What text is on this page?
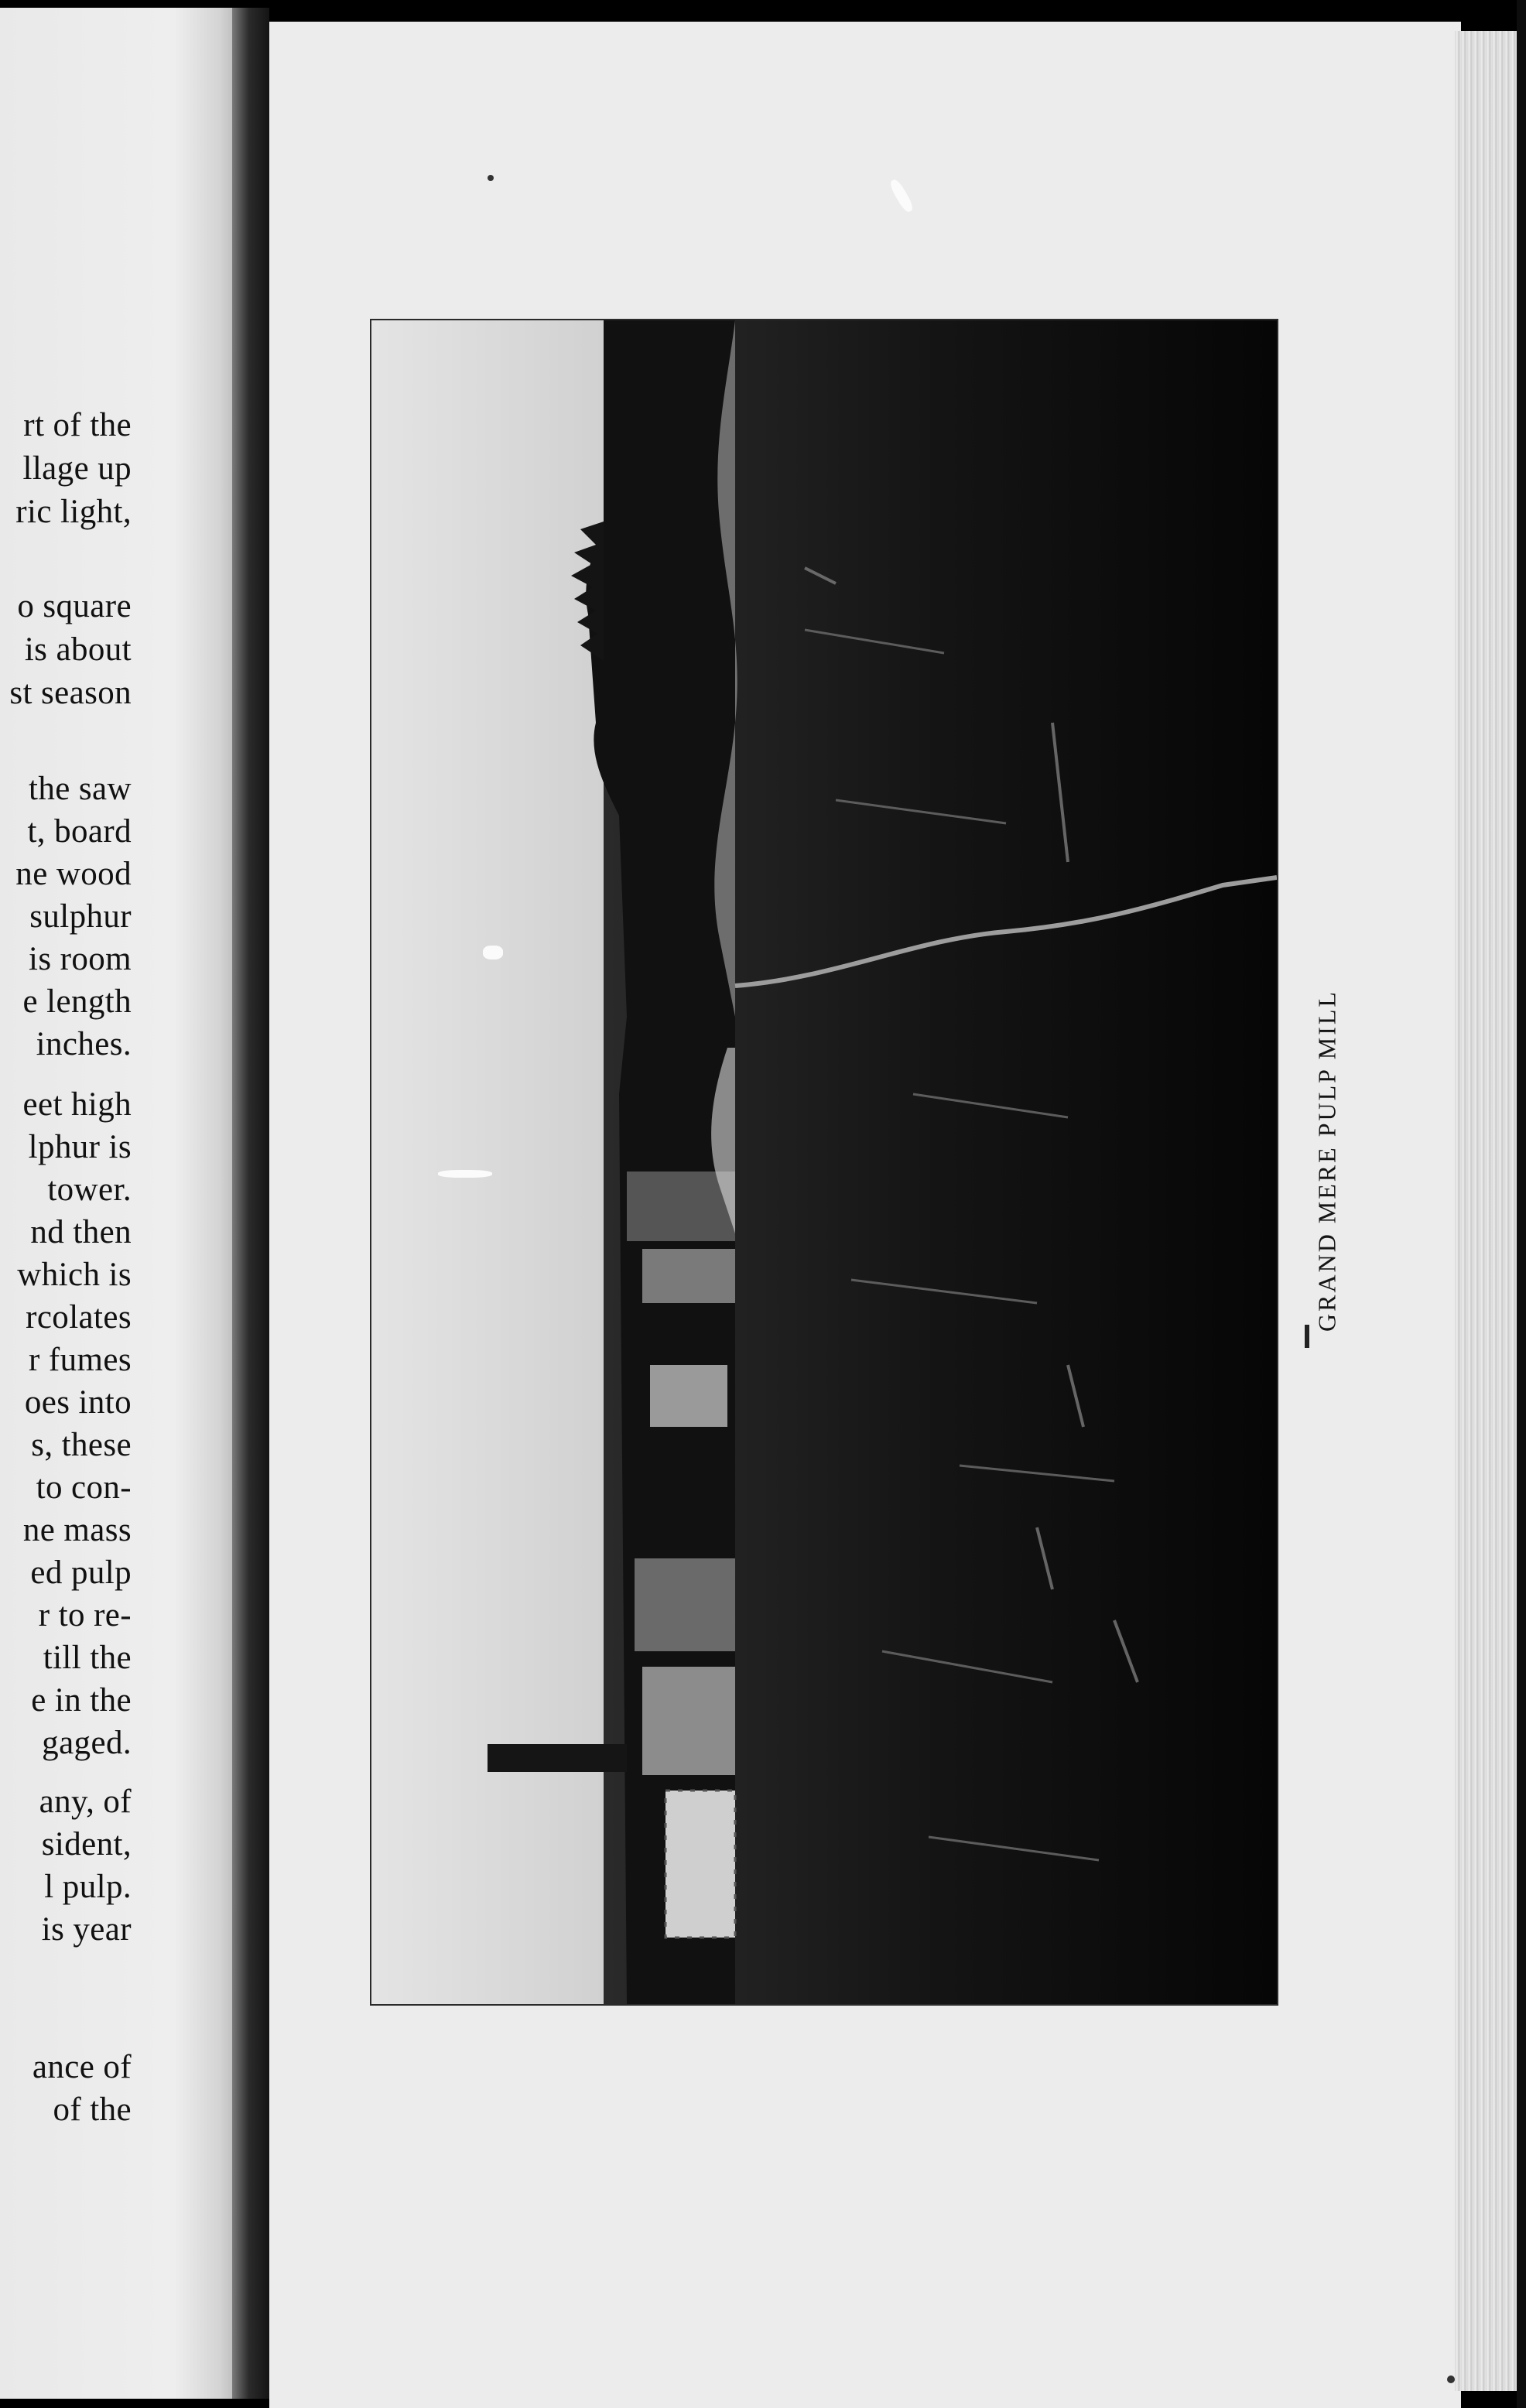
rt of the
llage up
ric light,
o square
is about
st season
the saw
t, board
ne wood
sulphur
is room
e length
inches.
eet high
lphur is
tower.
nd then
which is
rcolates
r fumes
oes into
s, these
to con-
ne mass
ed pulp
r to re-
till the
e in the
gaged.
any, of
sident,
l pulp.
is year
ance of
of the
GRAND MERE PULP MILL
